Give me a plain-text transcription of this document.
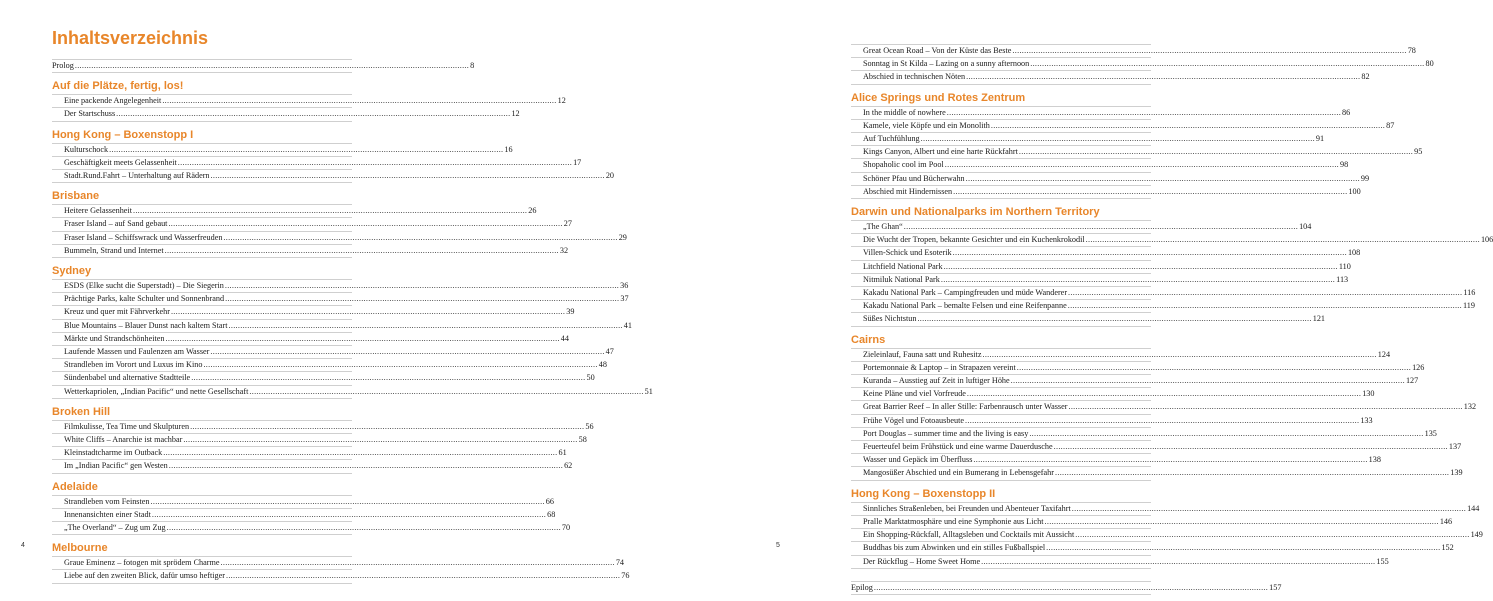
Inhaltsverzeichnis
Prolog .....	8
Auf die Plätze, fertig, los!
Eine packende Angelegenheit .....	12
Der Startschuss .....	12
Hong Kong – Boxenstopp I
Kulturschock .....	16
Geschäftigkeit meets Gelassenheit .....	17
Stadt.Rund.Fahrt – Unterhaltung auf Rädern .....	20
Brisbane
Heitere Gelassenheit .....	26
Fraser Island – auf Sand gebaut .....	27
Fraser Island – Schiffswrack und Wasserfreuden .....	29
Bummeln, Strand und Internet .....	32
Sydney
ESDS (Elke sucht die Superstadt) – Die Siegerin .....	36
Prächtige Parks, kalte Schulter und Sonnenbrand .....	37
Kreuz und quer mit Fährverkehr .....	39
Blue Mountains – Blauer Dunst nach kaltem Start .....	41
Märkte und Strandschönheiten .....	44
Laufende Massen und Faulenzen am Wasser .....	47
Strandleben im Vorort und Luxus im Kino .....	48
Sündenbabel und alternative Stadtteile .....	50
Wetterkapriolen, „Indian Pacific“ und nette Gesellschaft .....	51
Broken Hill
Filmkulisse, Tea Time und Skulpturen .....	56
White Cliffs – Anarchie ist machbar .....	58
Kleinstadtcharme im Outback .....	61
Im „Indian Pacific“ gen Westen .....	62
Adelaide
Strandleben vom Feinsten .....	66
Innenansichten einer Stadt .....	68
„The Overland“ – Zug um Zug .....	70
Melbourne
Graue Eminenz – fotogen mit sprödem Charme .....	74
Liebe auf den zweiten Blick, dafür umso heftiger .....	76
4
Great Ocean Road – Von der Küste das Beste .....	78
Sonntag in St Kilda – Lazing on a sunny afternoon .....	80
Abschied in technischen Nöten .....	82
Alice Springs und Rotes Zentrum
In the middle of nowhere .....	86
Kamele, viele Köpfe und ein Monolith .....	87
Auf Tuchfühlung .....	91
Kings Canyon, Albert und eine harte Rückfahrt .....	95
Shopaholic cool im Pool .....	98
Schöner Pfau und Bücherwahn .....	99
Abschied mit Hindernissen .....	100
Darwin und Nationalparks im Northern Territory
„The Ghan“ .....	104
Die Wucht der Tropen, bekannte Gesichter und ein Kuchenkrokodil .....	106
Villen-Schick und Esoterik .....	108
Litchfield National Park .....	110
Nitmiluk National Park .....	113
Kakadu National Park – Campingfreuden und müde Wanderer .....	116
Kakadu National Park – bemalte Felsen und eine Reifenpanne .....	119
Süßes Nichtstun .....	121
Cairns
Zieleinlauf, Fauna satt und Ruhesitz .....	124
Portemonnaie & Laptop – in Strapazen vereint .....	126
Kuranda – Ausstieg auf Zeit in luftiger Höhe .....	127
Keine Pläne und viel Vorfreude .....	130
Great Barrier Reef – In aller Stille: Farbenrausch unter Wasser .....	132
Frühe Vögel und Fotoausbeute .....	133
Port Douglas – summer time and the living is easy .....	135
Feuerteufel beim Frühstück und eine warme Dauerdusche .....	137
Wasser und Gepäck im Überfluss .....	138
Mangosüßer Abschied und ein Bumerang in Lebensgefahr .....	139
Hong Kong – Boxenstopp II
Sinnliches Straßenleben, bei Freunden und Abenteuer Taxifahrt .....	144
Pralle Marktatmosphäre und eine Symphonie aus Licht .....	146
Ein Shopping-Rückfall, Alltagsleben und Cocktails mit Aussicht .....	149
Buddhas bis zum Abwinken und ein stilles Fußballspiel .....	152
Der Rückflug – Home Sweet Home .....	155
Epilog .....	157
5
